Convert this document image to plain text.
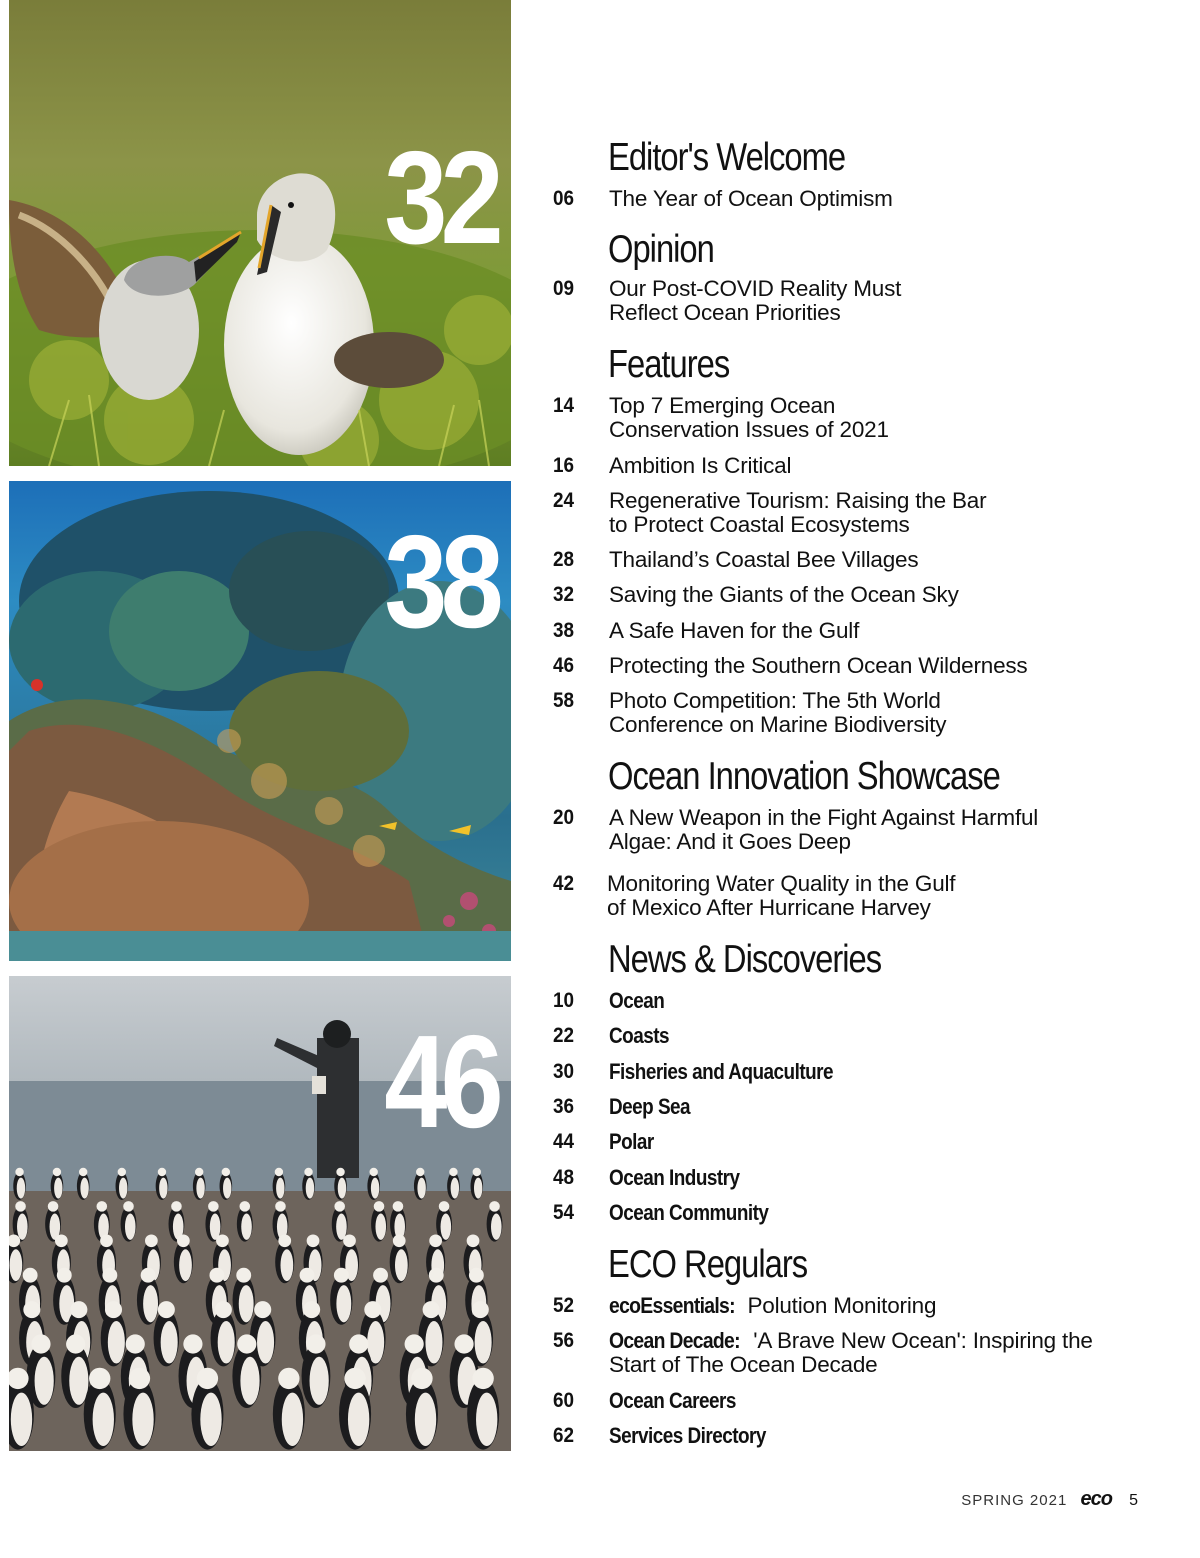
32
38
46
Editor's Welcome
06	The Year of Ocean Optimism
Opinion
09	Our Post-COVID Reality Must
Reflect Ocean Priorities
Features
14	Top 7 Emerging Ocean
Conservation Issues of 2021
16	Ambition Is Critical
24	Regenerative Tourism: Raising the Bar
to Protect Coastal Ecosystems
28	Thailand’s Coastal Bee Villages
32	Saving the Giants of the Ocean Sky
38	A Safe Haven for the Gulf
46	Protecting the Southern Ocean Wilderness
58	Photo Competition: The 5th World
Conference on Marine Biodiversity
Ocean Innovation Showcase
20	A New Weapon in the Fight Against Harmful
Algae: And it Goes Deep
42	Monitoring Water Quality in the Gulf
of Mexico After Hurricane Harvey
News & Discoveries
10	Ocean
22	Coasts
30	Fisheries and Aquaculture
36	Deep Sea
44	Polar
48	Ocean Industry
54	Ocean Community
ECO Regulars
52	ecoEssentials: Polution Monitoring
56	Ocean Decade: 'A Brave New Ocean': Inspiring the
Start of The Ocean Decade
60	Ocean Careers
62	Services Directory
SPRING 2021 eco 5
